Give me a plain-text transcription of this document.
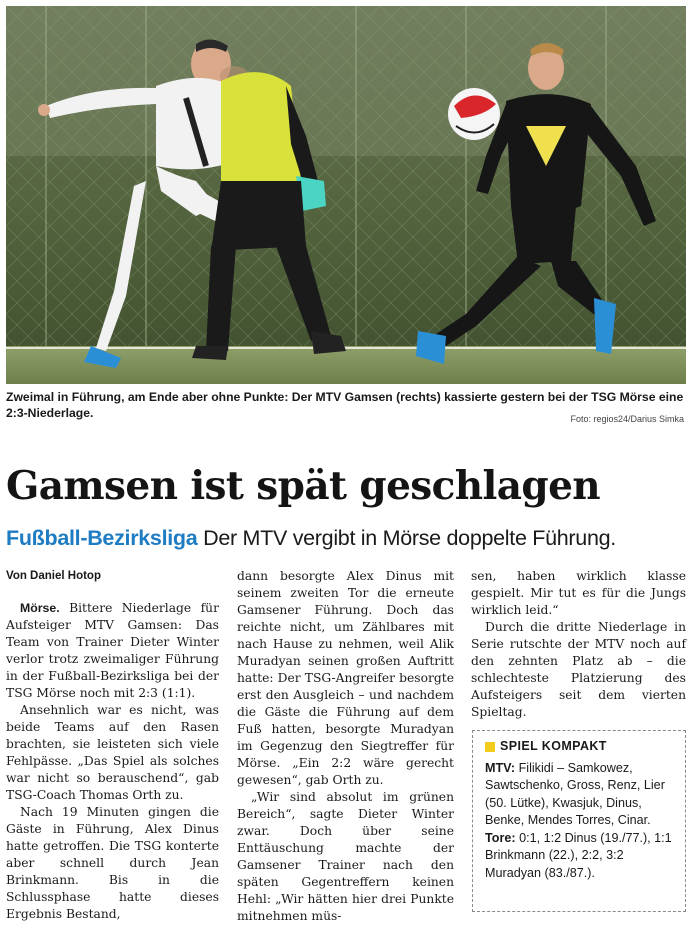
Zweimal in Führung, am Ende aber ohne Punkte: Der MTV Gamsen (rechts) kassierte gestern bei der TSG Mörse eine 2:3-Niederlage.	Foto: regios24/Darius Simka
Gamsen ist spät geschlagen
Fußball-Bezirksliga Der MTV vergibt in Mörse doppelte Führung.

Von Daniel Hotop

Mörse. Bittere Niederlage für Aufsteiger MTV Gamsen: Das Team von Trainer Dieter Winter verlor trotz zweimaliger Führung in der Fußball-Bezirksliga bei der TSG Mörse noch mit 2:3 (1:1).

Ansehnlich war es nicht, was beide Teams auf den Rasen brachten, sie leisteten sich viele Fehlpässe. „Das Spiel als solches war nicht so berauschend“, gab TSG-Coach Thomas Orth zu.

Nach 19 Minuten gingen die Gäste in Führung, Alex Dinus hatte getroffen. Die TSG konterte aber schnell durch Jean Brinkmann. Bis in die Schlussphase hatte dieses Ergebnis Bestand,

dann besorgte Alex Dinus mit seinem zweiten Tor die erneute Gamsener Führung. Doch das reichte nicht, um Zählbares mit nach Hause zu nehmen, weil Alik Muradyan seinen großen Auftritt hatte: Der TSG-Angreifer besorgte erst den Ausgleich – und nachdem die Gäste die Führung auf dem Fuß hatten, besorgte Muradyan im Gegenzug den Siegtreffer für Mörse. „Ein 2:2 wäre gerecht gewesen“, gab Orth zu.

„Wir sind absolut im grünen Bereich“, sagte Dieter Winter zwar. Doch über seine Enttäuschung machte der Gamsener Trainer nach den späten Gegentreffern keinen Hehl: „Wir hätten hier drei Punkte mitnehmen müs-

sen, haben wirklich klasse gespielt. Mir tut es für die Jungs wirklich leid.“

Durch die dritte Niederlage in Serie rutschte der MTV noch auf den zehnten Platz ab – die schlechteste Platzierung des Aufsteigers seit dem vierten Spieltag.

SPIEL KOMPAKT

MTV: Filikidi – Samkowez, Sawtschenko, Gross, Renz, Lier (50. Lütke), Kwasjuk, Dinus, Benke, Mendes Torres, Cinar.

Tore: 0:1, 1:2 Dinus (19./77.), 1:1 Brinkmann (22.), 2:2, 3:2 Muradyan (83./87.).
